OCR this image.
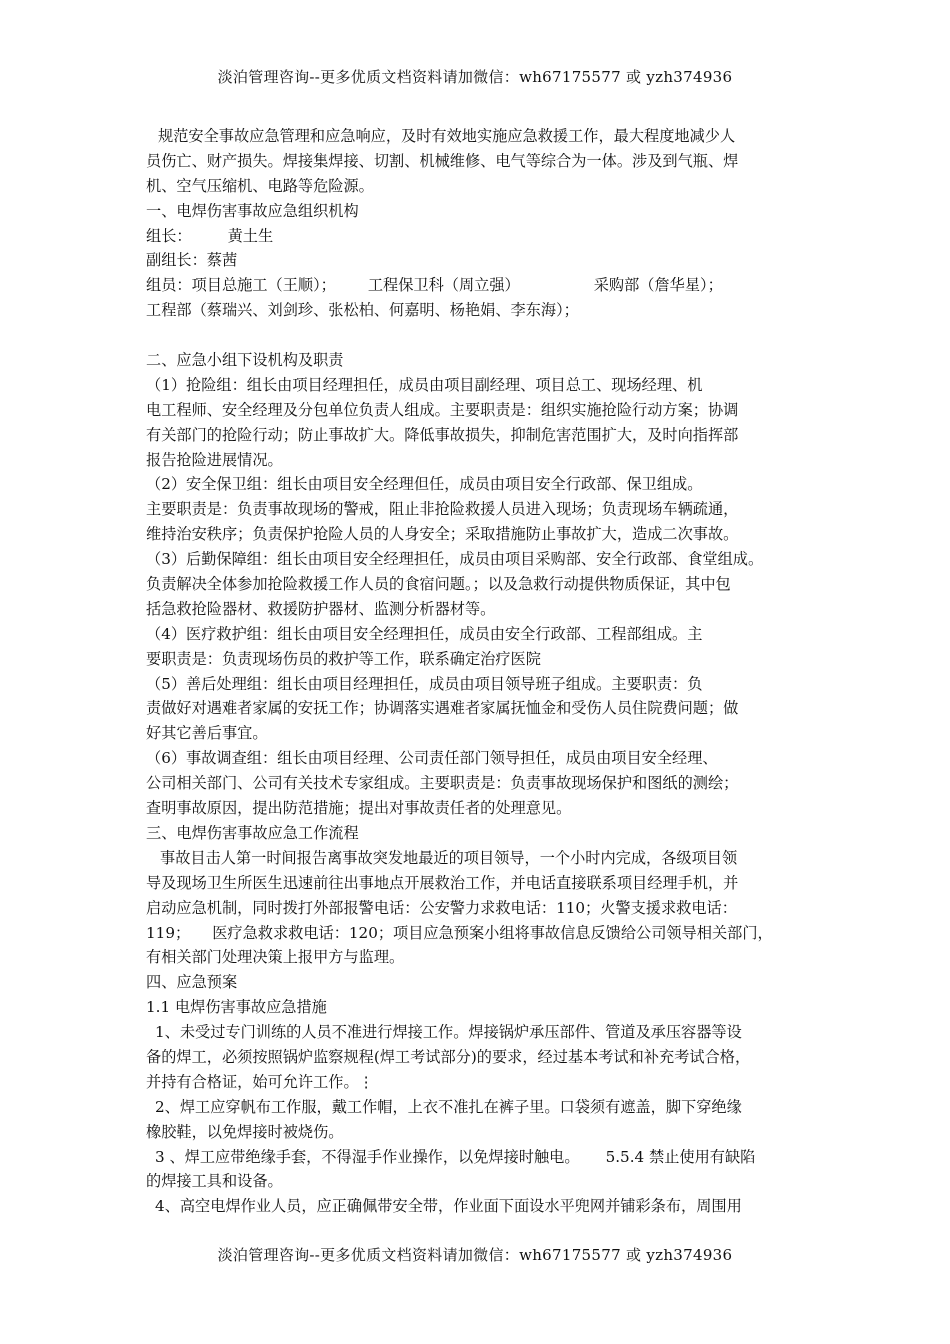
淡泊管理咨询--更多优质文档资料请加微信：wh67175577 或 yzh374936
规范安全事故应急管理和应急响应，及时有效地实施应急救援工作，最大程度地减少人
员伤亡、财产损失。焊接集焊接、切割、机械维修、电气等综合为一体。涉及到气瓶、焊
机、空气压缩机、电路等危险源。
一、电焊伤害事故应急组织机构
组长： 黄土生
副组长：蔡茜
组员：项目总施工（王顺）； 工程保卫科（周立强）	采购部（詹华星）；
工程部（蔡瑞兴、刘剑珍、张松柏、何嘉明、杨艳娟、李东海）；
二、应急小组下设机构及职责
（1）抢险组：组长由项目经理担任，成员由项目副经理、项目总工、现场经理、机
电工程师、安全经理及分包单位负责人组成。主要职责是：组织实施抢险行动方案；协调
有关部门的抢险行动；防止事故扩大。降低事故损失，抑制危害范围扩大，及时向指挥部
报告抢险进展情况。
（2）安全保卫组：组长由项目安全经理但任，成员由项目安全行政部、保卫组成。
主要职责是：负责事故现场的警戒，阻止非抢险救援人员进入现场；负责现场车辆疏通，
维持治安秩序；负责保护抢险人员的人身安全；采取措施防止事故扩大，造成二次事故。
（3）后勤保障组：组长由项目安全经理担任，成员由项目采购部、安全行政部、食堂组成。
负责解决全体参加抢险救援工作人员的食宿问题。；以及急救行动提供物质保证，其中包
括急救抢险器材、救援防护器材、监测分析器材等。
（4）医疗救护组：组长由项目安全经理担任，成员由安全行政部、工程部组成。主
要职责是：负责现场伤员的救护等工作，联系确定治疗医院
（5）善后处理组：组长由项目经理担任，成员由项目领导班子组成。主要职责：负
责做好对遇难者家属的安抚工作；协调落实遇难者家属抚恤金和受伤人员住院费问题；做
好其它善后事宜。
（6）事故调查组：组长由项目经理、公司责任部门领导担任，成员由项目安全经理、
公司相关部门、公司有关技术专家组成。主要职责是：负责事故现场保护和图纸的测绘；
查明事故原因，提出防范措施；提出对事故责任者的处理意见。
三、电焊伤害事故应急工作流程
事故目击人第一时间报告离事故突发地最近的项目领导，一个小时内完成，各级项目领
导及现场卫生所医生迅速前往出事地点开展救治工作，并电话直接联系项目经理手机，并
启动应急机制，同时拨打外部报警电话：公安警力求救电话：110；火警支援求救电话：
119； 医疗急救求救电话：120；项目应急预案小组将事故信息反馈给公司领导相关部门，
有相关部门处理决策上报甲方与监理。
四、应急预案
1.1 电焊伤害事故应急措施
1、未受过专门训练的人员不准进行焊接工作。焊接锅炉承压部件、管道及承压容器等设
备的焊工，必须按照锅炉监察规程(焊工考试部分)的要求，经过基本考试和补充考试合格，
并持有合格证，始可允许工作。⋮
2、焊工应穿帆布工作服，戴工作帽，上衣不准扎在裤子里。口袋须有遮盖，脚下穿绝缘
橡胶鞋，以免焊接时被烧伤。
3 、焊工应带绝缘手套，不得湿手作业操作，以免焊接时触电。 5.5.4 禁止使用有缺陷
的焊接工具和设备。
4、高空电焊作业人员，应正确佩带安全带，作业面下面设水平兜网并铺彩条布，周围用
淡泊管理咨询--更多优质文档资料请加微信：wh67175577 或 yzh374936
